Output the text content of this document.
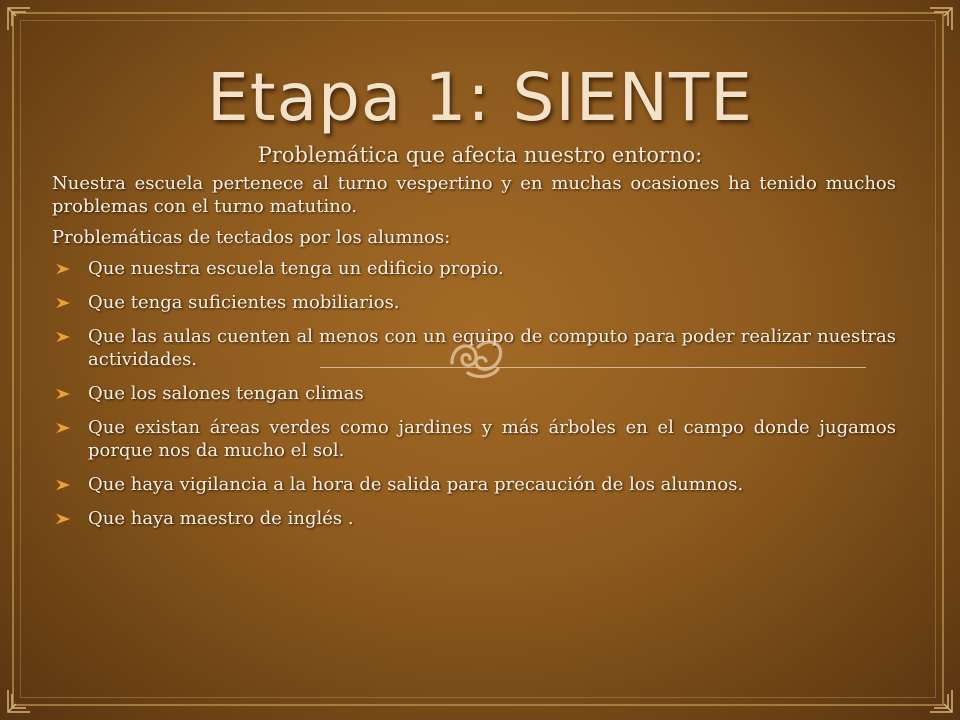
Etapa 1: SIENTE
Problemática que afecta nuestro entorno:

Nuestra escuela pertenece al turno vespertino y en muchas ocasiones ha tenido muchos problemas con el turno matutino.

Problemáticas de tectados por los alumnos:

Que nuestra escuela tenga un edificio propio.
Que tenga suficientes mobiliarios.
Que las aulas cuenten al menos con un equipo de computo para poder realizar nuestras actividades.
Que los salones tengan climas
Que existan áreas verdes como jardines y más árboles en el campo donde jugamos porque nos da mucho el sol.
Que haya vigilancia a la hora de salida para precaución de los alumnos.
Que haya maestro de inglés .
